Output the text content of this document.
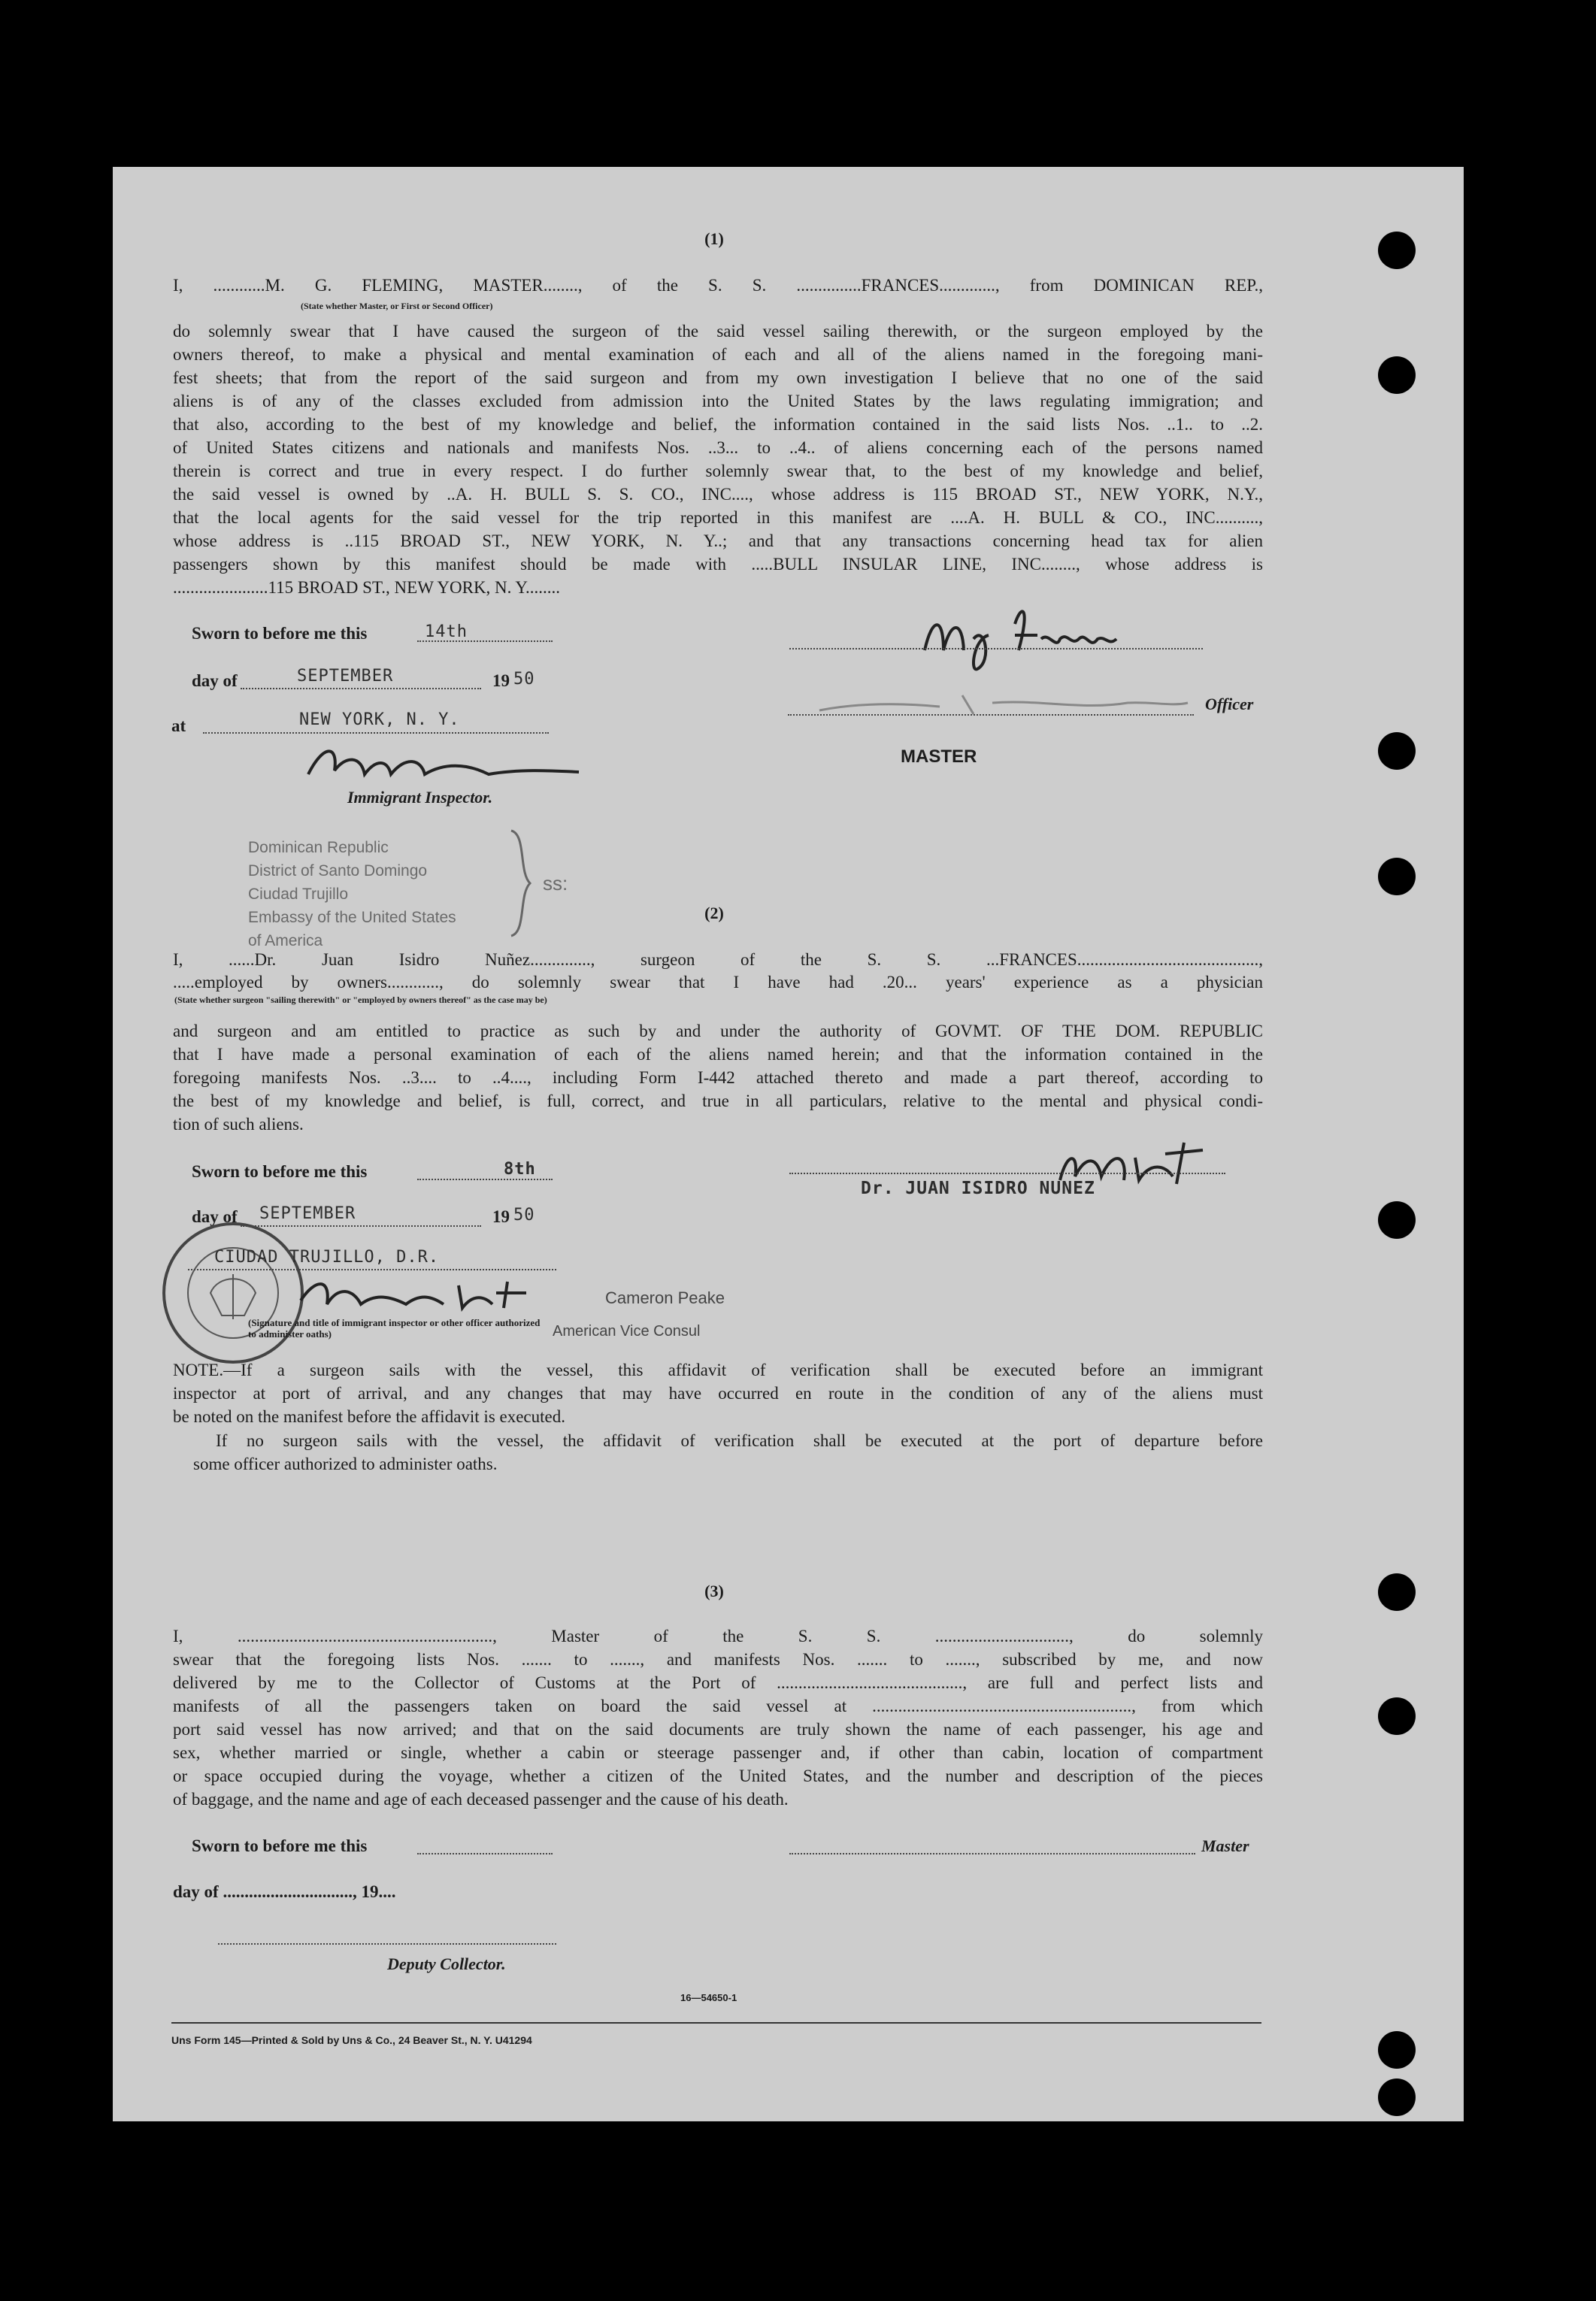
(1)
I, ............M. G. FLEMING, MASTER........, of the S. S. ...............FRANCES............., from DOMINICAN REP.,
(State whether Master, or First or Second Officer)
do solemnly swear that I have caused the surgeon of the said vessel sailing therewith, or the surgeon employed by the
owners thereof, to make a physical and mental examination of each and all of the aliens named in the foregoing mani-
fest sheets; that from the report of the said surgeon and from my own investigation I believe that no one of the said
aliens is of any of the classes excluded from admission into the United States by the laws regulating immigration; and
that also, according to the best of my knowledge and belief, the information contained in the said lists Nos. ..1.. to ..2.
of United States citizens and nationals and manifests Nos. ..3... to ..4.. of aliens concerning each of the persons named
therein is correct and true in every respect. I do further solemnly swear that, to the best of my knowledge and belief,
the said vessel is owned by ..A. H. BULL S. S. CO., INC...., whose address is 115 BROAD ST., NEW YORK, N.Y.,
that the local agents for the said vessel for the trip reported in this manifest are ....A. H. BULL & CO., INC..........,
whose address is ..115 BROAD ST., NEW YORK, N. Y..; and that any transactions concerning head tax for alien
passengers shown by this manifest should be made with .....BULL INSULAR LINE, INC........, whose address is
......................115 BROAD ST., NEW YORK, N. Y........
Sworn to before me this	14th
day of	SEPTEMBER	19 50
at	NEW YORK, N. Y.
Immigrant Inspector.
Officer
MASTER
Dominican Republic
District of Santo Domingo
Ciudad Trujillo
Embassy of the United States
of America
ss:
(2)
I, ......Dr. Juan Isidro Nuñez.............., surgeon of the S. S. ...FRANCES..........................................,
.....employed by owners............, do solemnly swear that I have had .20... years' experience as a physician
(State whether surgeon "sailing therewith" or "employed by owners thereof" as the case may be)
and surgeon and am entitled to practice as such by and under the authority of GOVMT. OF THE DOM. REPUBLIC
that I have made a personal examination of each of the aliens named herein; and that the information contained in the
foregoing manifests Nos. ..3.... to ..4...., including Form I-442 attached thereto and made a part thereof, according to
the best of my knowledge and belief, is full, correct, and true in all particulars, relative to the mental and physical condi-
tion of such aliens.
Sworn to before me this	8th
day of SEPTEMBER	19 50
CIUDAD TRUJILLO, D.R.
Cameron Peake
American Vice Consul
(Signature and title of immigrant inspector or other officer authorized to administer oaths)
Dr. JUAN ISIDRO NUNEZ
NOTE.—If a surgeon sails with the vessel, this affidavit of verification shall be executed before an immigrant
inspector at port of arrival, and any changes that may have occurred en route in the condition of any of the aliens must
be noted on the manifest before the affidavit is executed.
If no surgeon sails with the vessel, the affidavit of verification shall be executed at the port of departure before
some officer authorized to administer oaths.
(3)
I, ..........................................................., Master of the S. S. ..............................., do solemnly
swear that the foregoing lists Nos. ....... to ......., and manifests Nos. ....... to ......., subscribed by me, and now
delivered by me to the Collector of Customs at the Port of ..........................................., are full and perfect lists and
manifests of all the passengers taken on board the said vessel at ............................................................, from which
port said vessel has now arrived; and that on the said documents are truly shown the name of each passenger, his age and
sex, whether married or single, whether a cabin or steerage passenger and, if other than cabin, location of compartment
or space occupied during the voyage, whether a citizen of the United States, and the number and description of the pieces
of baggage, and the name and age of each deceased passenger and the cause of his death.
Sworn to before me this	Master
day of .............................., 19....
Deputy Collector.
16—54650-1
Uns Form 145—Printed & Sold by Uns & Co., 24 Beaver St., N. Y. U41294
